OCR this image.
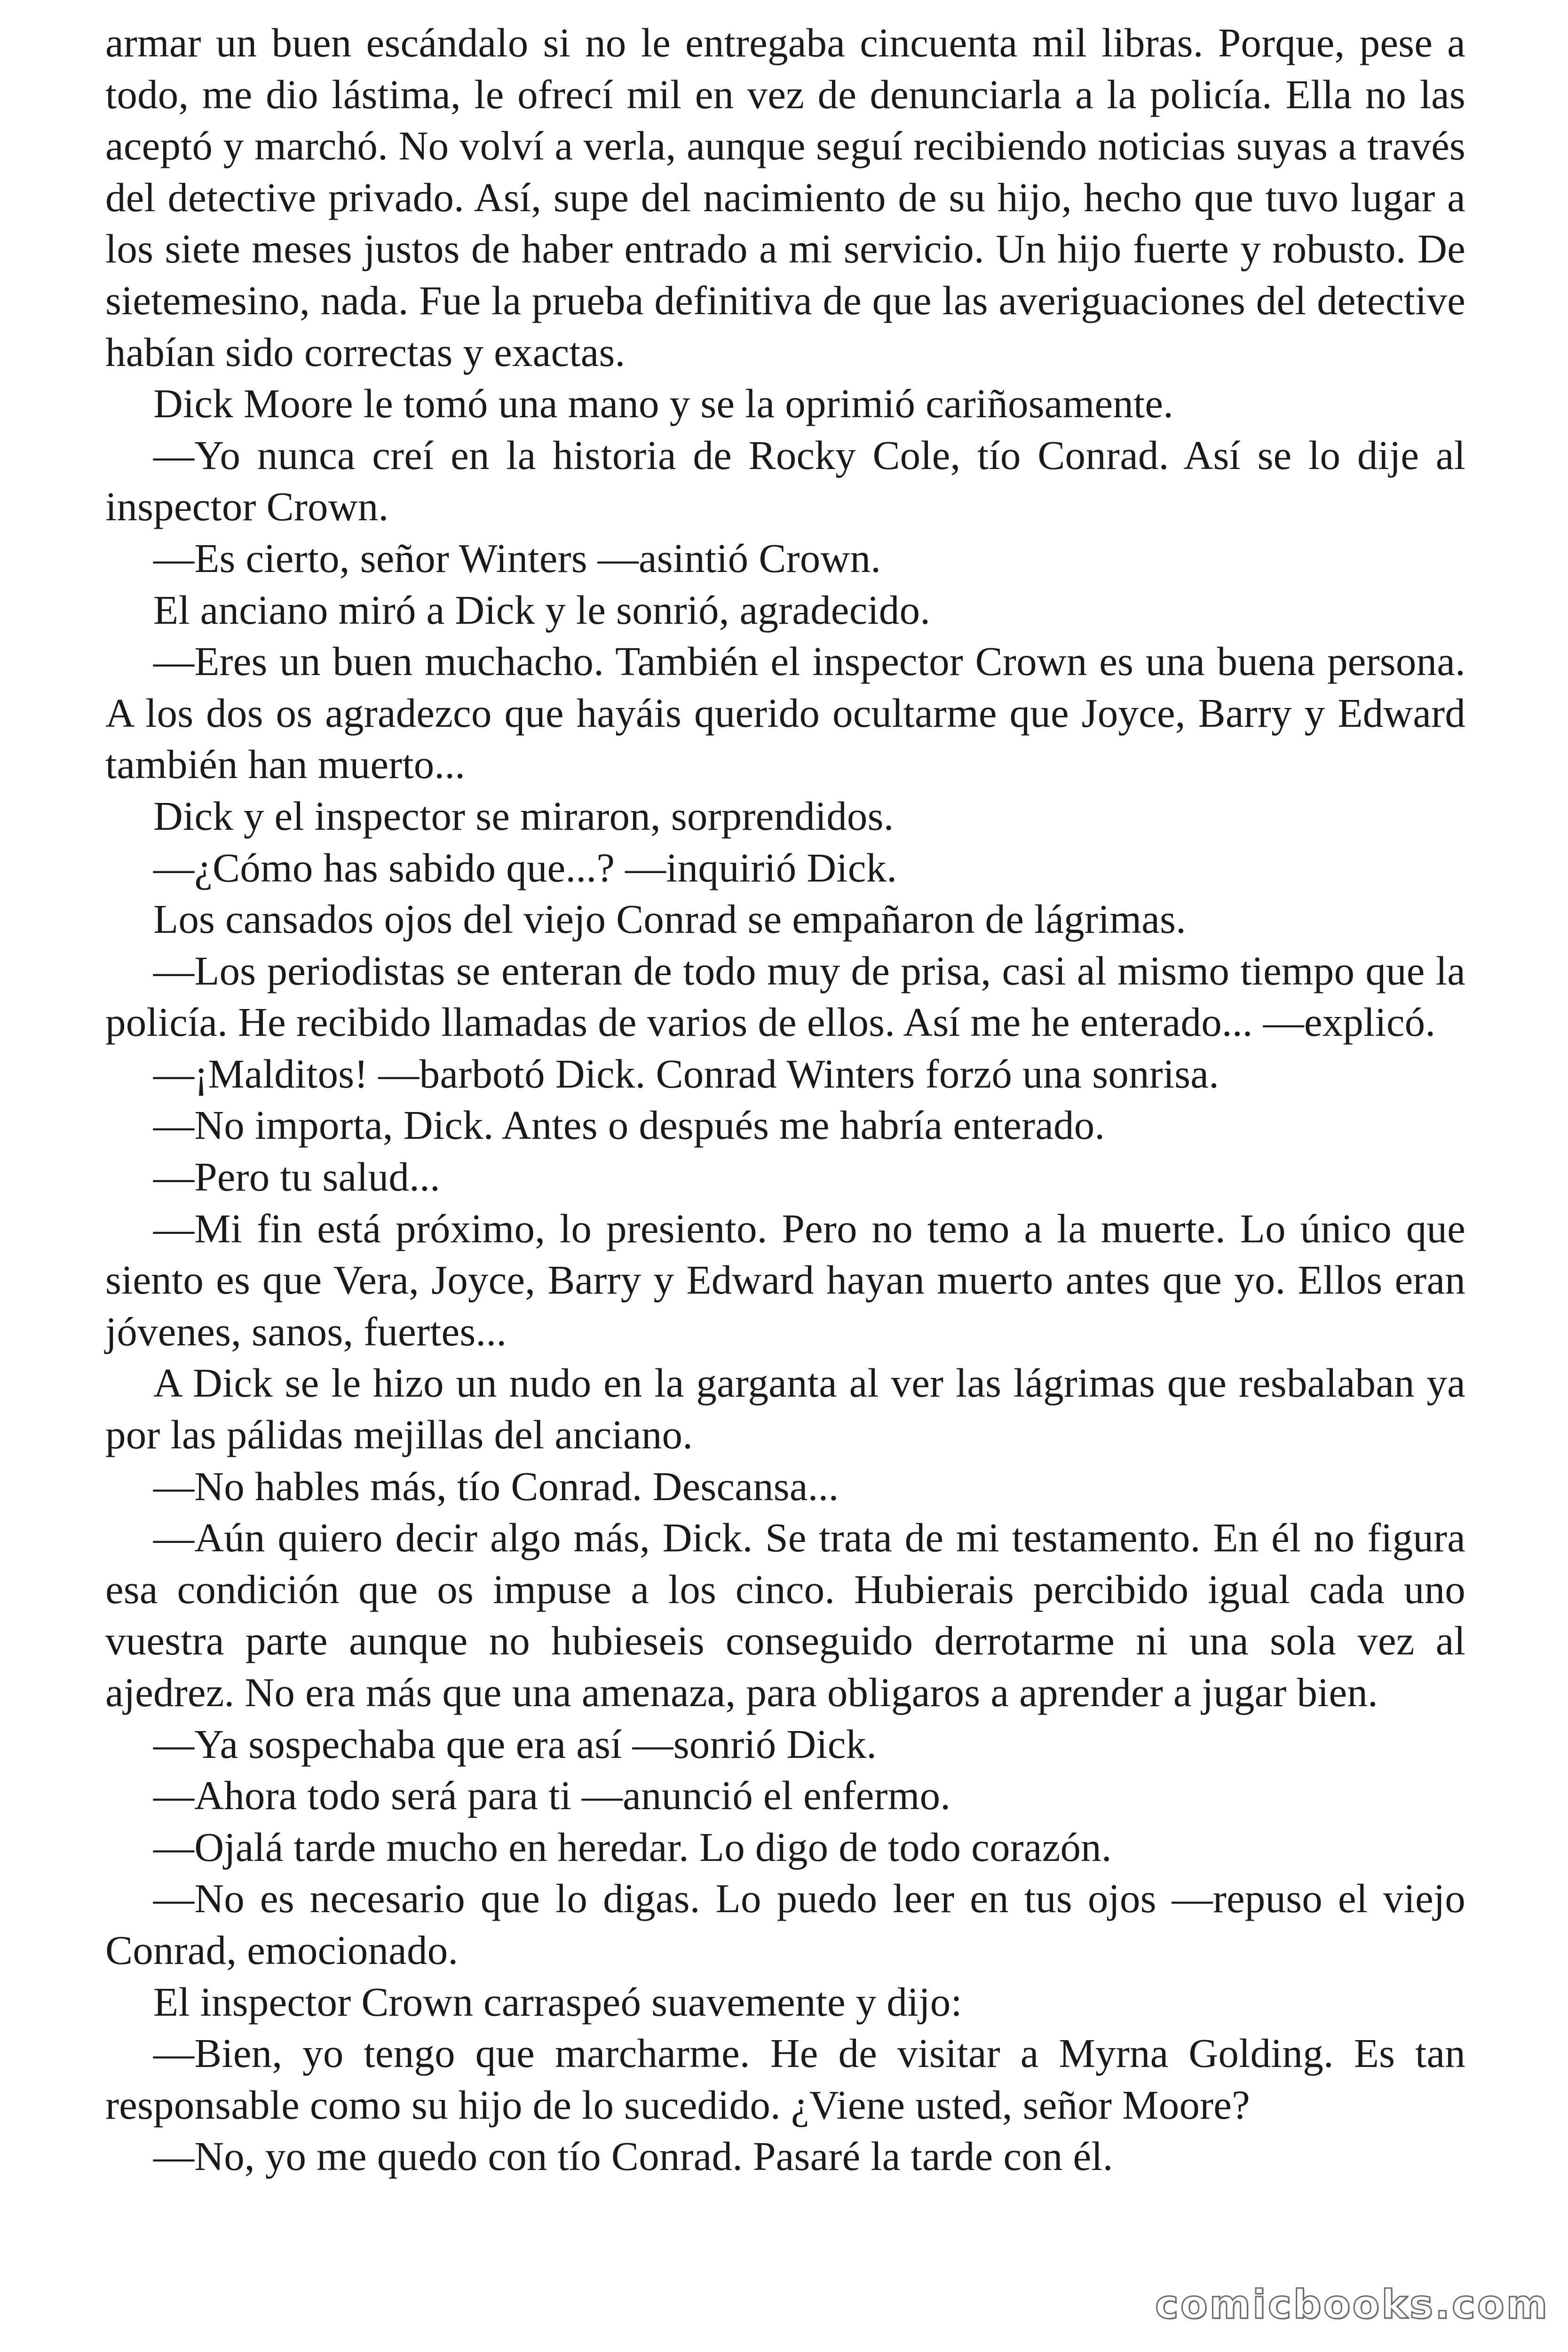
armar un buen escándalo si no le entregaba cincuenta mil libras. Porque, pese a todo, me dio lástima, le ofrecí mil en vez de denunciarla a la policía. Ella no las aceptó y marchó. No volví a verla, aunque seguí recibiendo noticias suyas a través del detective privado. Así, supe del nacimiento de su hijo, hecho que tuvo lugar a los siete meses justos de haber entrado a mi servicio. Un hijo fuerte y robusto. De sietemesino, nada. Fue la prueba definitiva de que las averiguaciones del detective habían sido correctas y exactas.

Dick Moore le tomó una mano y se la oprimió cariñosamente.

—Yo nunca creí en la historia de Rocky Cole, tío Conrad. Así se lo dije al inspector Crown.

—Es cierto, señor Winters —asintió Crown.

El anciano miró a Dick y le sonrió, agradecido.

—Eres un buen muchacho. También el inspector Crown es una buena persona. A los dos os agradezco que hayáis querido ocultarme que Joyce, Barry y Edward también han muerto...

Dick y el inspector se miraron, sorprendidos.

—¿Cómo has sabido que...? —inquirió Dick.

Los cansados ojos del viejo Conrad se empañaron de lágrimas.

—Los periodistas se enteran de todo muy de prisa, casi al mismo tiempo que la policía. He recibido llamadas de varios de ellos. Así me he enterado... —explicó.

—¡Malditos! —barbotó Dick. Conrad Winters forzó una sonrisa.

—No importa, Dick. Antes o después me habría enterado.

—Pero tu salud...

—Mi fin está próximo, lo presiento. Pero no temo a la muerte. Lo único que siento es que Vera, Joyce, Barry y Edward hayan muerto antes que yo. Ellos eran jóvenes, sanos, fuertes...

A Dick se le hizo un nudo en la garganta al ver las lágrimas que resbalaban ya por las pálidas mejillas del anciano.

—No hables más, tío Conrad. Descansa...

—Aún quiero decir algo más, Dick. Se trata de mi testamento. En él no figura esa condición que os impuse a los cinco. Hubierais percibido igual cada uno vuestra parte aunque no hubieseis conseguido derrotarme ni una sola vez al ajedrez. No era más que una amenaza, para obligaros a aprender a jugar bien.

—Ya sospechaba que era así —sonrió Dick.

—Ahora todo será para ti —anunció el enfermo.

—Ojalá tarde mucho en heredar. Lo digo de todo corazón.

—No es necesario que lo digas. Lo puedo leer en tus ojos —repuso el viejo Conrad, emocionado.

El inspector Crown carraspeó suavemente y dijo:

—Bien, yo tengo que marcharme. He de visitar a Myrna Golding. Es tan responsable como su hijo de lo sucedido. ¿Viene usted, señor Moore?

—No, yo me quedo con tío Conrad. Pasaré la tarde con él.

comicbooks.com
